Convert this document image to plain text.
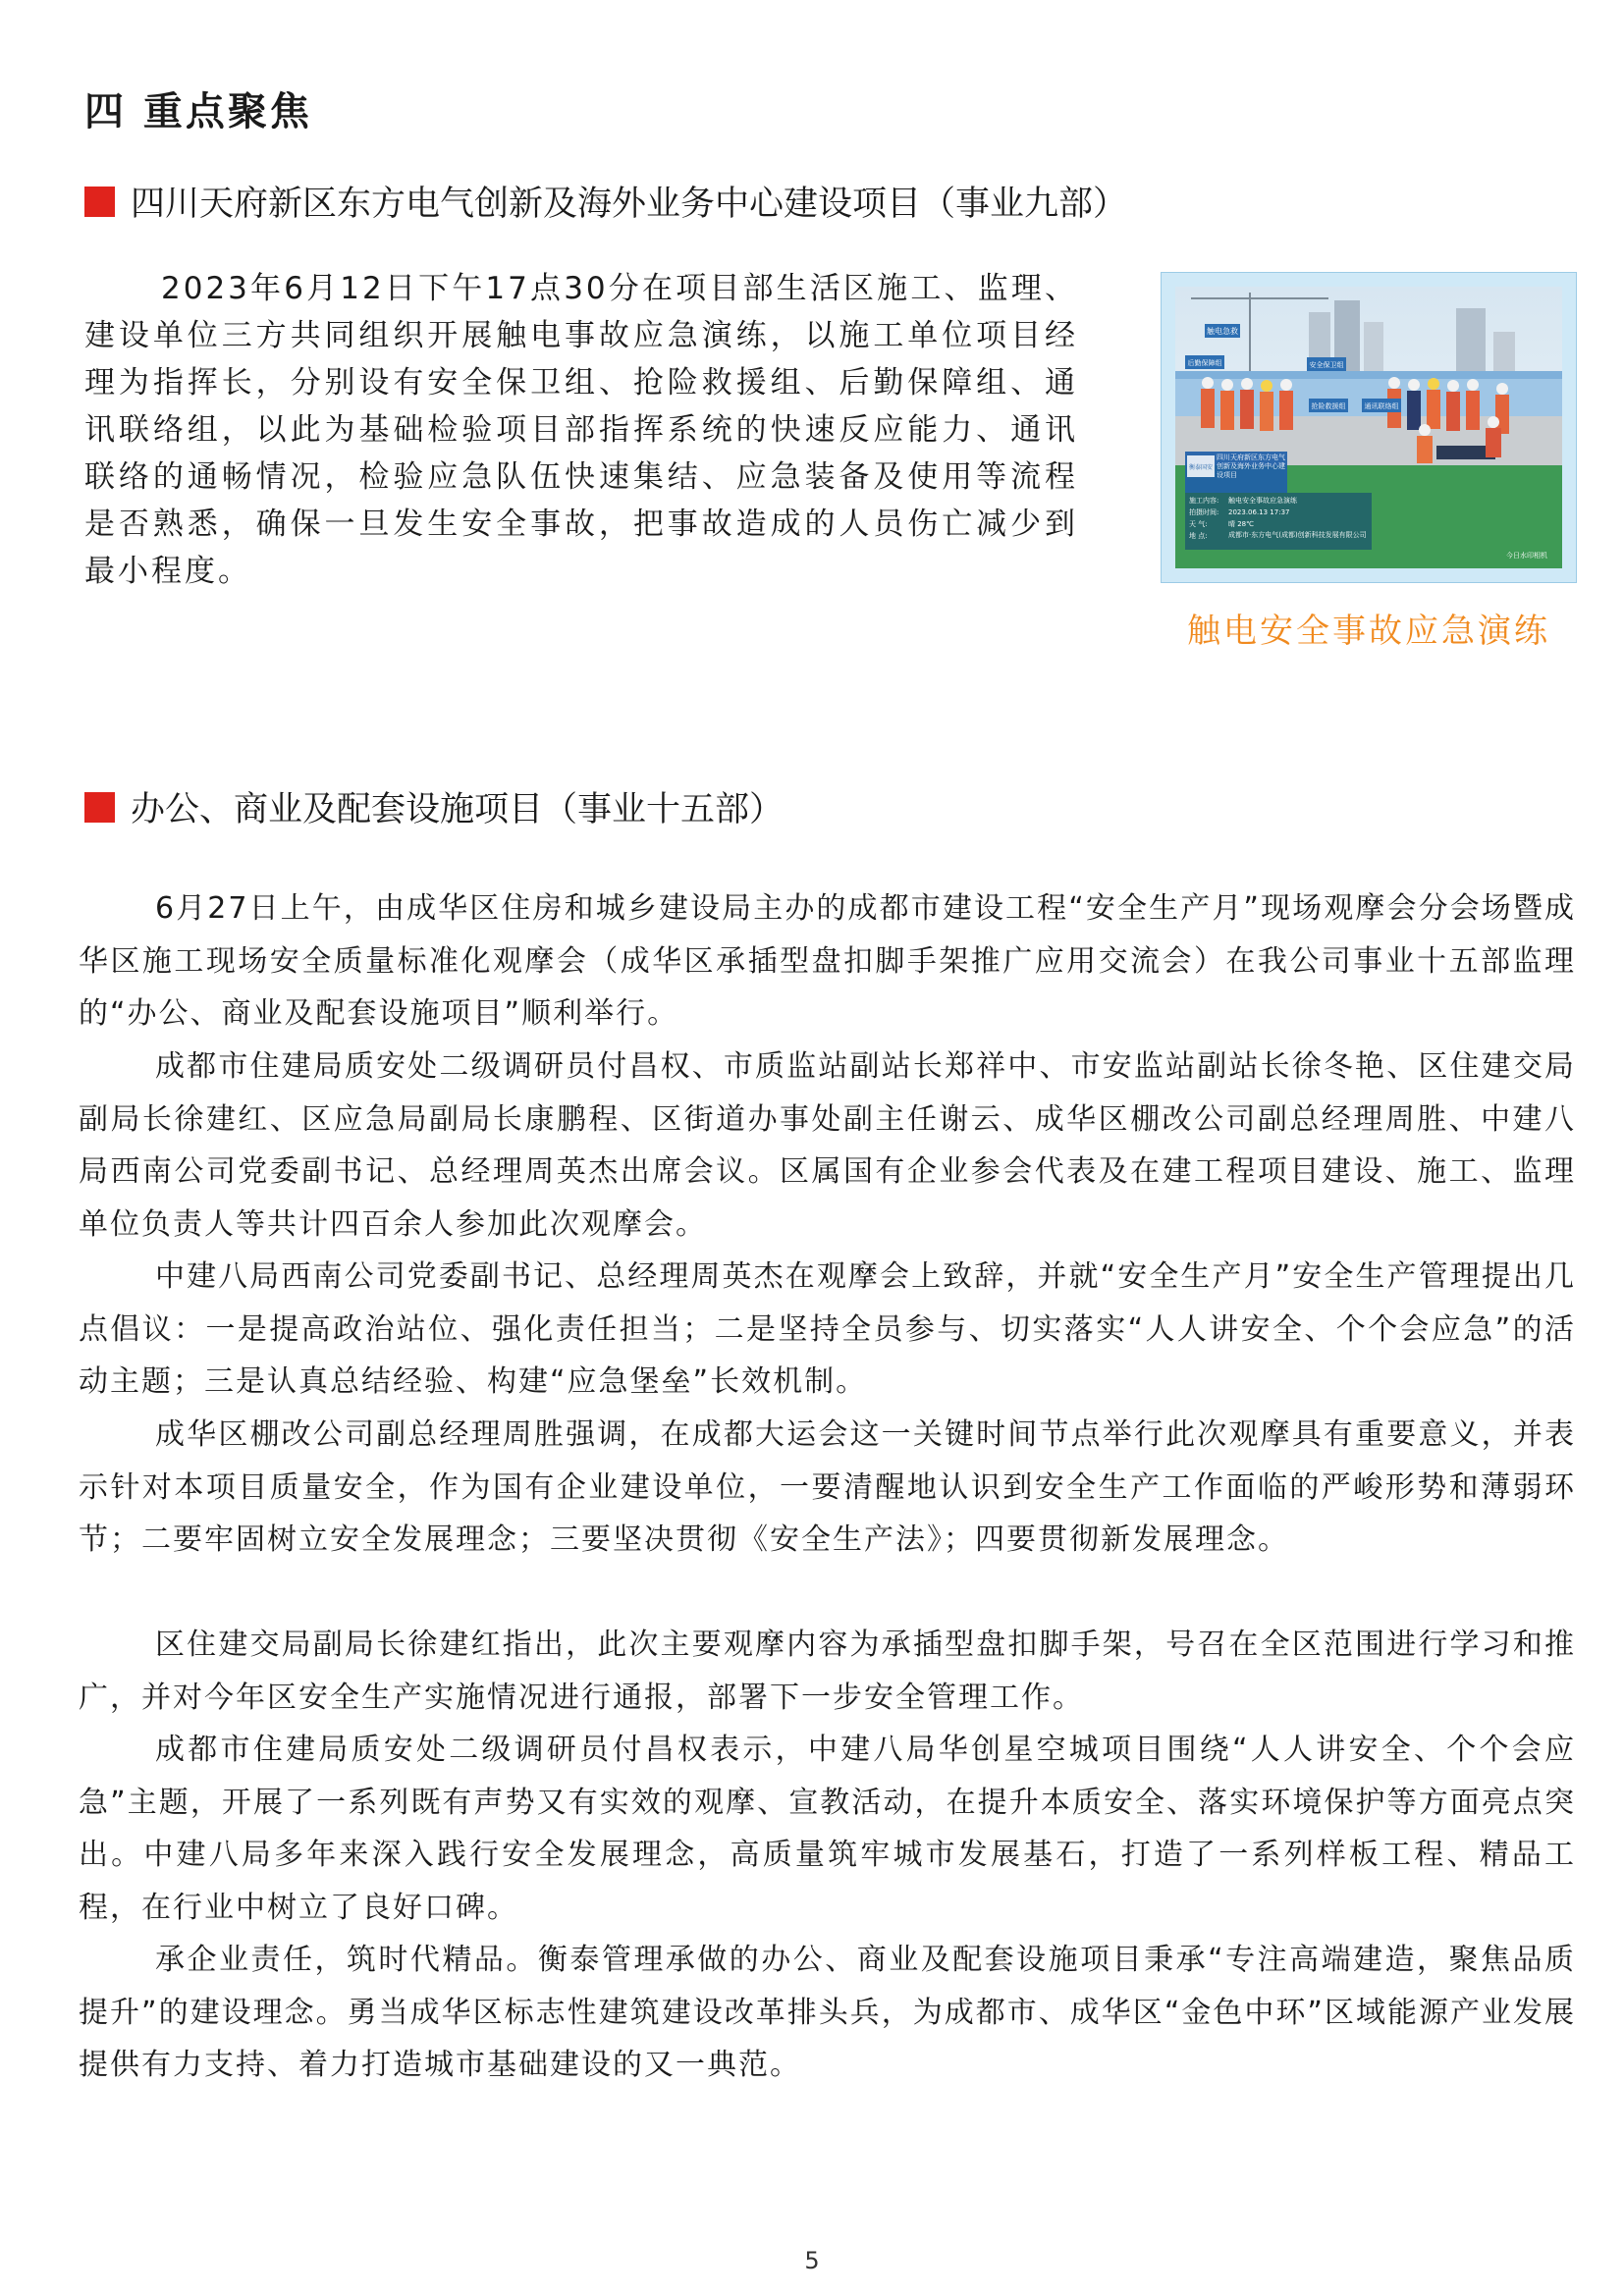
四 重点聚焦
四川天府新区东方电气创新及海外业务中心建设项目（事业九部）

2023年6月12日下午17点30分在项目部生活区施工、监理、建设单位三方共同组织开展触电事故应急演练，以施工单位项目经理为指挥长，分别设有安全保卫组、抢险救援组、后勤保障组、通讯联络组，以此为基础检验项目部指挥系统的快速反应能力、通讯联络的通畅情况，检验应急队伍快速集结、应急装备及使用等流程是否熟悉，确保一旦发生安全事故，把事故造成的人员伤亡减少到最小程度。

触电急救
安全保卫组
后勤保障组
抢险救援组	通讯联络组
衡泰国安
四川天府新区东方电气创新及海外业务中心建设项目
施工内容: 触电安全事故应急演练
拍摄时间: 2023.06.13 17:37
天 气:	晴 28℃
地 点:	成都市·东方电气(成都)创新科技发展有限公司
今日水印相机
触电安全事故应急演练
办公、商业及配套设施项目（事业十五部）

6月27日上午，由成华区住房和城乡建设局主办的成都市建设工程“安全生产月”现场观摩会分会场暨成华区施工现场安全质量标准化观摩会（成华区承插型盘扣脚手架推广应用交流会）在我公司事业十五部监理的“办公、商业及配套设施项目”顺利举行。

成都市住建局质安处二级调研员付昌权、市质监站副站长郑祥中、市安监站副站长徐冬艳、区住建交局副局长徐建红、区应急局副局长康鹏程、区街道办事处副主任谢云、成华区棚改公司副总经理周胜、中建八局西南公司党委副书记、总经理周英杰出席会议。区属国有企业参会代表及在建工程项目建设、施工、监理单位负责人等共计四百余人参加此次观摩会。

中建八局西南公司党委副书记、总经理周英杰在观摩会上致辞，并就“安全生产月”安全生产管理提出几点倡议：一是提高政治站位、强化责任担当；二是坚持全员参与、切实落实“人人讲安全、个个会应急”的活动主题；三是认真总结经验、构建“应急堡垒”长效机制。

成华区棚改公司副总经理周胜强调，在成都大运会这一关键时间节点举行此次观摩具有重要意义，并表示针对本项目质量安全，作为国有企业建设单位，一要清醒地认识到安全生产工作面临的严峻形势和薄弱环节；二要牢固树立安全发展理念；三要坚决贯彻《安全生产法》；四要贯彻新发展理念。

区住建交局副局长徐建红指出，此次主要观摩内容为承插型盘扣脚手架，号召在全区范围进行学习和推广，并对今年区安全生产实施情况进行通报，部署下一步安全管理工作。

成都市住建局质安处二级调研员付昌权表示，中建八局华创星空城项目围绕“人人讲安全、个个会应急”主题，开展了一系列既有声势又有实效的观摩、宣教活动，在提升本质安全、落实环境保护等方面亮点突出。中建八局多年来深入践行安全发展理念，高质量筑牢城市发展基石，打造了一系列样板工程、精品工程，在行业中树立了良好口碑。

承企业责任，筑时代精品。衡泰管理承做的办公、商业及配套设施项目秉承“专注高端建造，聚焦品质提升”的建设理念。勇当成华区标志性建筑建设改革排头兵，为成都市、成华区“金色中环”区域能源产业发展提供有力支持、着力打造城市基础建设的又一典范。

5
